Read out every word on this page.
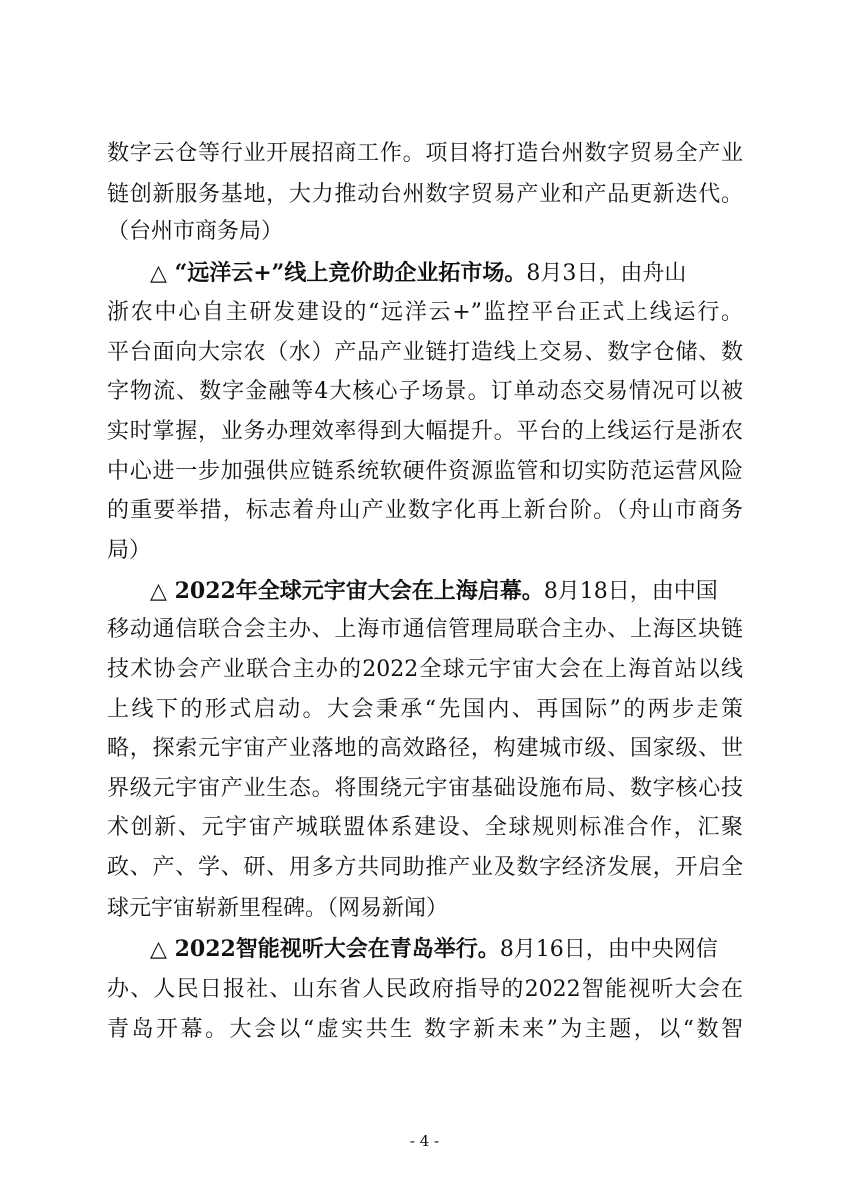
数字云仓等行业开展招商工作。项目将打造台州数字贸易全产业
链创新服务基地，大力推动台州数字贸易产业和产品更新迭代。
（台州市商务局）
△ “远洋云+”线上竞价助企业拓市场。8月3日，由舟山
浙农中心自主研发建设的“远洋云+”监控平台正式上线运行。
平台面向大宗农（水）产品产业链打造线上交易、数字仓储、数
字物流、数字金融等4大核心子场景。订单动态交易情况可以被
实时掌握，业务办理效率得到大幅提升。平台的上线运行是浙农
中心进一步加强供应链系统软硬件资源监管和切实防范运营风险
的重要举措，标志着舟山产业数字化再上新台阶。（舟山市商务
局）
△ 2022年全球元宇宙大会在上海启幕。8月18日，由中国
移动通信联合会主办、上海市通信管理局联合主办、上海区块链
技术协会产业联合主办的2022全球元宇宙大会在上海首站以线
上线下的形式启动。大会秉承“先国内、再国际”的两步走策
略，探索元宇宙产业落地的高效路径，构建城市级、国家级、世
界级元宇宙产业生态。将围绕元宇宙基础设施布局、数字核心技
术创新、元宇宙产城联盟体系建设、全球规则标准合作，汇聚
政、产、学、研、用多方共同助推产业及数字经济发展，开启全
球元宇宙崭新里程碑。（网易新闻）
△ 2022智能视听大会在青岛举行。8月16日，由中央网信
办、人民日报社、山东省人民政府指导的2022智能视听大会在
青岛开幕。大会以“虚实共生 数字新未来”为主题，以“数智
- 4 -
